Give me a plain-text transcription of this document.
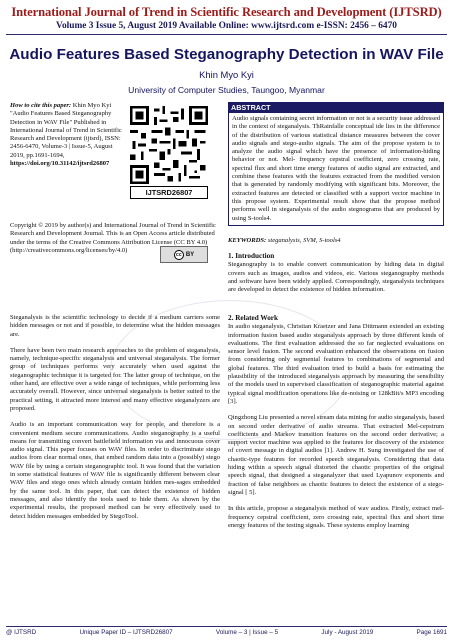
International Journal of Trend in Scientific Research and Development (IJTSRD)
Volume 3 Issue 5, August 2019 Available Online: www.ijtsrd.com e-ISSN: 2456 – 6470
Audio Features Based Steganography Detection in WAV File
Khin Myo Kyi
University of Computer Studies, Taungoo, Myanmar
How to cite this paper: Khin Myo Kyi "Audio Features Based Steganography Detection in WAV File" Published in International Journal of Trend in Scientific Research and Development (ijtsrd), ISSN: 2456-6470, Volume-3 | Issue-5, August 2019, pp.1691-1694, https://doi.org/10.31142/ijtsrd26807
IJTSRD26807
Copyright © 2019 by author(s) and International Journal of Trend in Scientific Research and Development Journal. This is an Open Access article distributed under the terms of the Creative Commons Attribution License (CC BY 4.0) (http://creativecommons.org/licenses/by/4.0)
cc BY

Steganalysis is the scientific technology to decide if a medium carriers some hidden messages or not and if possible, to determine what the hidden messages are.

There have been two main research approaches to the problem of steganalysis, namely, technique-specific steganalysis and universal steganalysis. The former group of techniques performs very accurately when used against the steganographic technique it is targeted for. The latter group of technique, on the other hand, are effective over a wide range of techniques, while performing less accurately overall. However, since universal steganalysis is better suited to the practical setting, it attracted more interest and many effective steganalyzers are proposed.

Audio is an important communication way for people, and therefore is a convenient medium secure communications. Audio steganography is a useful means for transmitting convert battlefield information via and innocuous cover audio signal. This paper focuses on WAV files. In order to discriminate stego audios from clear normal ones, that embed random data into a (possibly) stego WAV file by using a certain steganographic tool. It was found that the variation in some statistical features of WAV file is significantly different between clear WAV files and stego ones which already contain hidden mes-sages embedded by the same tool. In this paper, that can detect the existence of hidden messages, and also identify the tools used to hide them. As shown by the experimental results, the proposed method can be very effectively used to detect hidden messages embedded by StegoTool.

ABSTRACT
Audio signals containing secret information or not is a security issue addressed in the context of steganalysis. ThRainfalle conceptual ide lies in the difference of the distribution of various statistical distance measures between the cover audio signals and stego-audio signals. The aim of the propose system is to analyze the audio signal which have the presence of information-hiding behavior or not. Mel- frequency cepstral coefficient, zero crossing rate, spectral flux and short time energy features of audio signal are extracted, and combine these features with the features extracted from the modified version that is generated by randomly modifying with significant bits. Moreover, the extracted features are detected or classified with a support vector machine in this propose system. Experimental result show that the propose method performs well in steganalysis of the audio stegnograms that are produced by using S-tools4.
KEYWORDS: steganalysis, SVM, S-tools4
1. Introduction

Steganography is to enable convert communication by hiding data in digital covers such as images, audios and videos, etc. Various steganography methods and software have been widely applied. Correspondingly, steganalysis techniques are developed to detect the existence of hidden information.

2. Related Work

In audio steganalysis, Christian Kraetzer and Jana Dittmann extended an existing information fusion based audio steganalysis approach by three different kinds of evaluations. The first evaluation addressed the so far neglected evaluations on sensor level fusion. The second evaluation enhanced the observations on fusion from considering only segmental features to combinations of segmental and global features. The third evaluation tried to build a basis for estimating the plausibility of the introduced steganalysis approach by measuring the sensibility of the models used in supervised classification of steganographic material against typical signal modification operations like de-noising or 128kBit/s MP3 encoding [3].

Qingzhong Liu presented a novel stream data mining for audio steganalysis, based on second order derivative of audio streams. That extracted Mel-cepstrum coefficients and Markov transition features on the second order derivative; a support vector machine was applied to the features for discovery of the existence of covert message in digital audios [1]. Andrew H. Sung investigated the use of chaotic-type features for recorded speech steganalysis. Considering that data hiding within a speech signal distorted the chaotic properties of the original speech signal, that designed a steganalyzer that used Lyapunov exponents and fraction of false neighbors as chaotic features to detect the existence of a stego-signal [ 5].

In this article, propose a steganalysis method of wav audios. Firstly, extract mel-frequency cepstral coefficient, zero crossing rate, spectral flux and short time energy features of the testing signals. These systems employ learning

@ IJTSRD	Unique Paper ID – IJTSRD26807	Volume – 3 | Issue – 5	July - August 2019	Page 1691
